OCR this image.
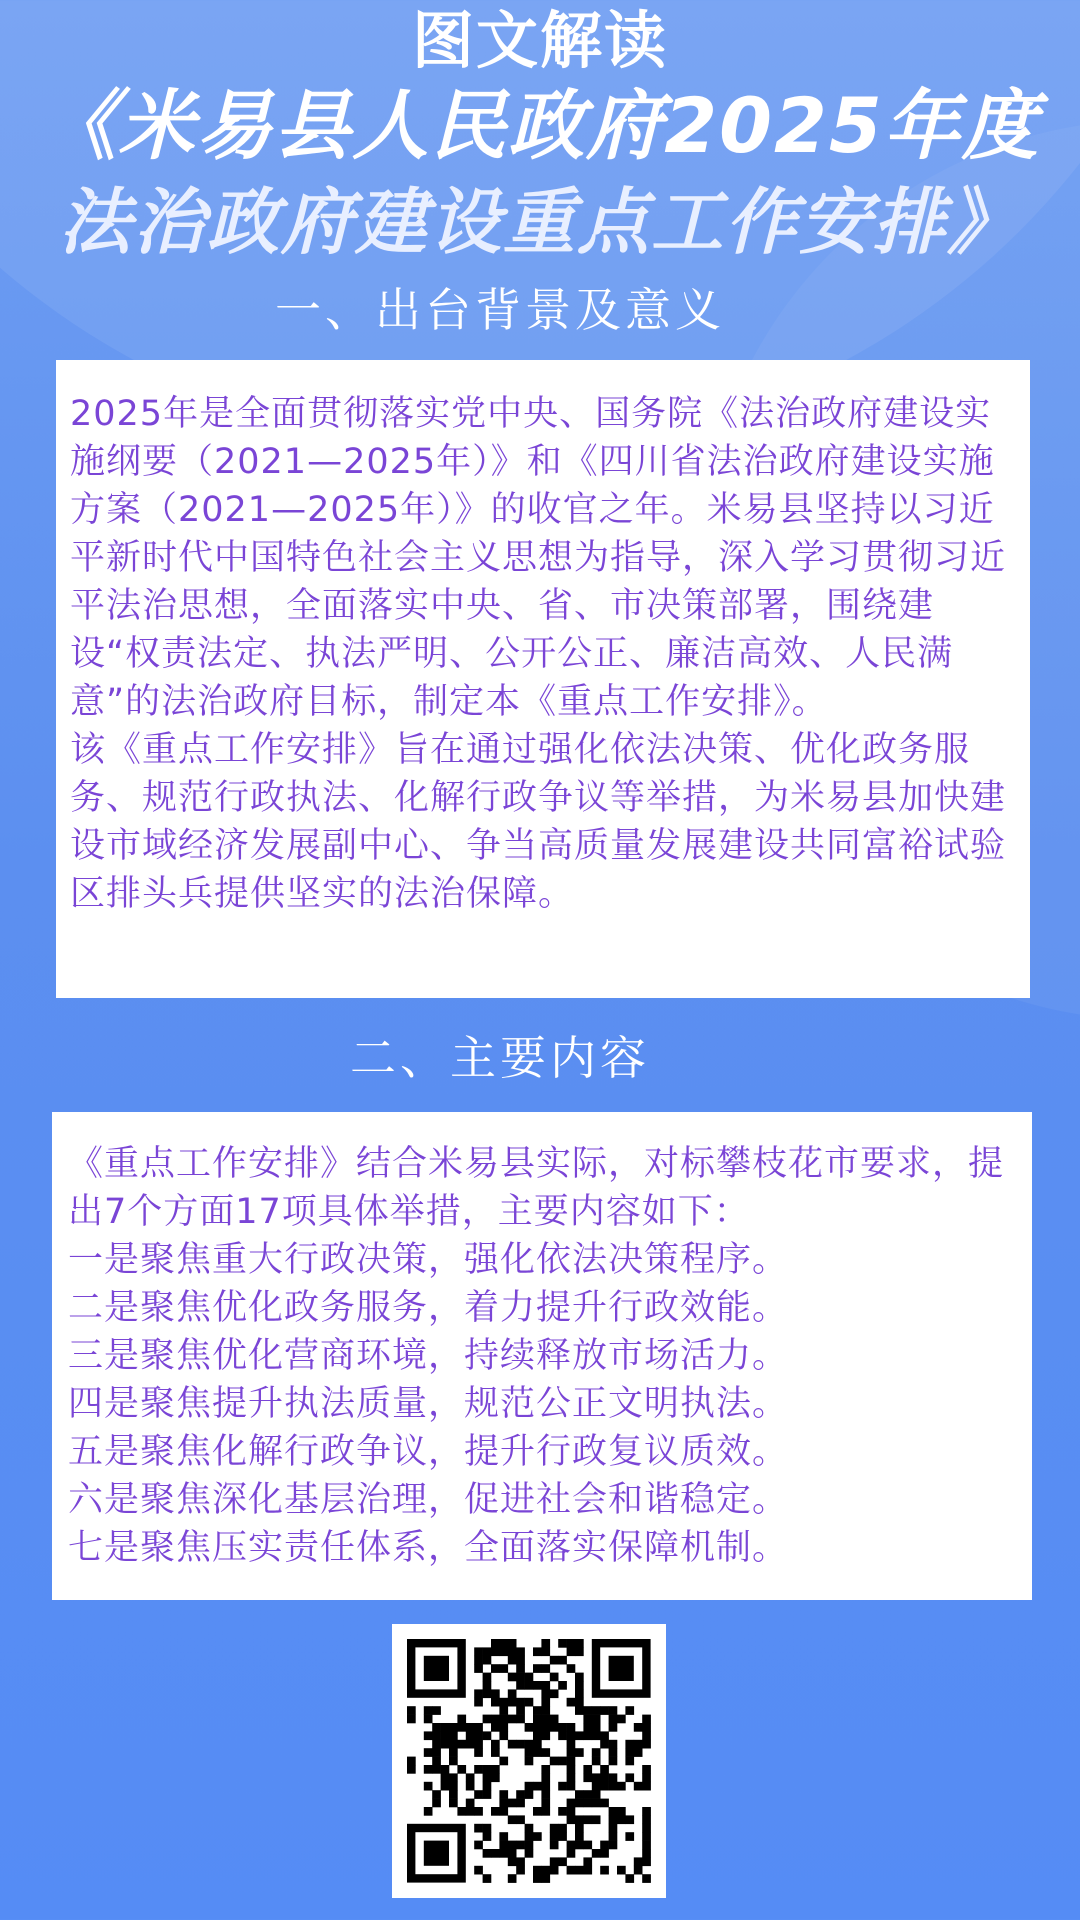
图文解读
《米易县人民政府2025年度
法治政府建设重点工作安排》
一、出台背景及意义

2025年是全面贯彻落实党中央、国务院《法治政府建设实施纲要（2021—2025年）》和《四川省法治政府建设实施方案（2021—2025年）》的收官之年。米易县坚持以习近平新时代中国特色社会主义思想为指导，深入学习贯彻习近平法治思想，全面落实中央、省、市决策部署，围绕建设“权责法定、执法严明、公开公正、廉洁高效、人民满意”的法治政府目标，制定本《重点工作安排》。

该《重点工作安排》旨在通过强化依法决策、优化政务服务、规范行政执法、化解行政争议等举措，为米易县加快建设市域经济发展副中心、争当高质量发展建设共同富裕试验区排头兵提供坚实的法治保障。

二、主要内容

《重点工作安排》结合米易县实际，对标攀枝花市要求，提出7个方面17项具体举措，主要内容如下：

一是聚焦重大行政决策，强化依法决策程序。

二是聚焦优化政务服务，着力提升行政效能。

三是聚焦优化营商环境，持续释放市场活力。

四是聚焦提升执法质量，规范公正文明执法。

五是聚焦化解行政争议，提升行政复议质效。

六是聚焦深化基层治理，促进社会和谐稳定。

七是聚焦压实责任体系，全面落实保障机制。
